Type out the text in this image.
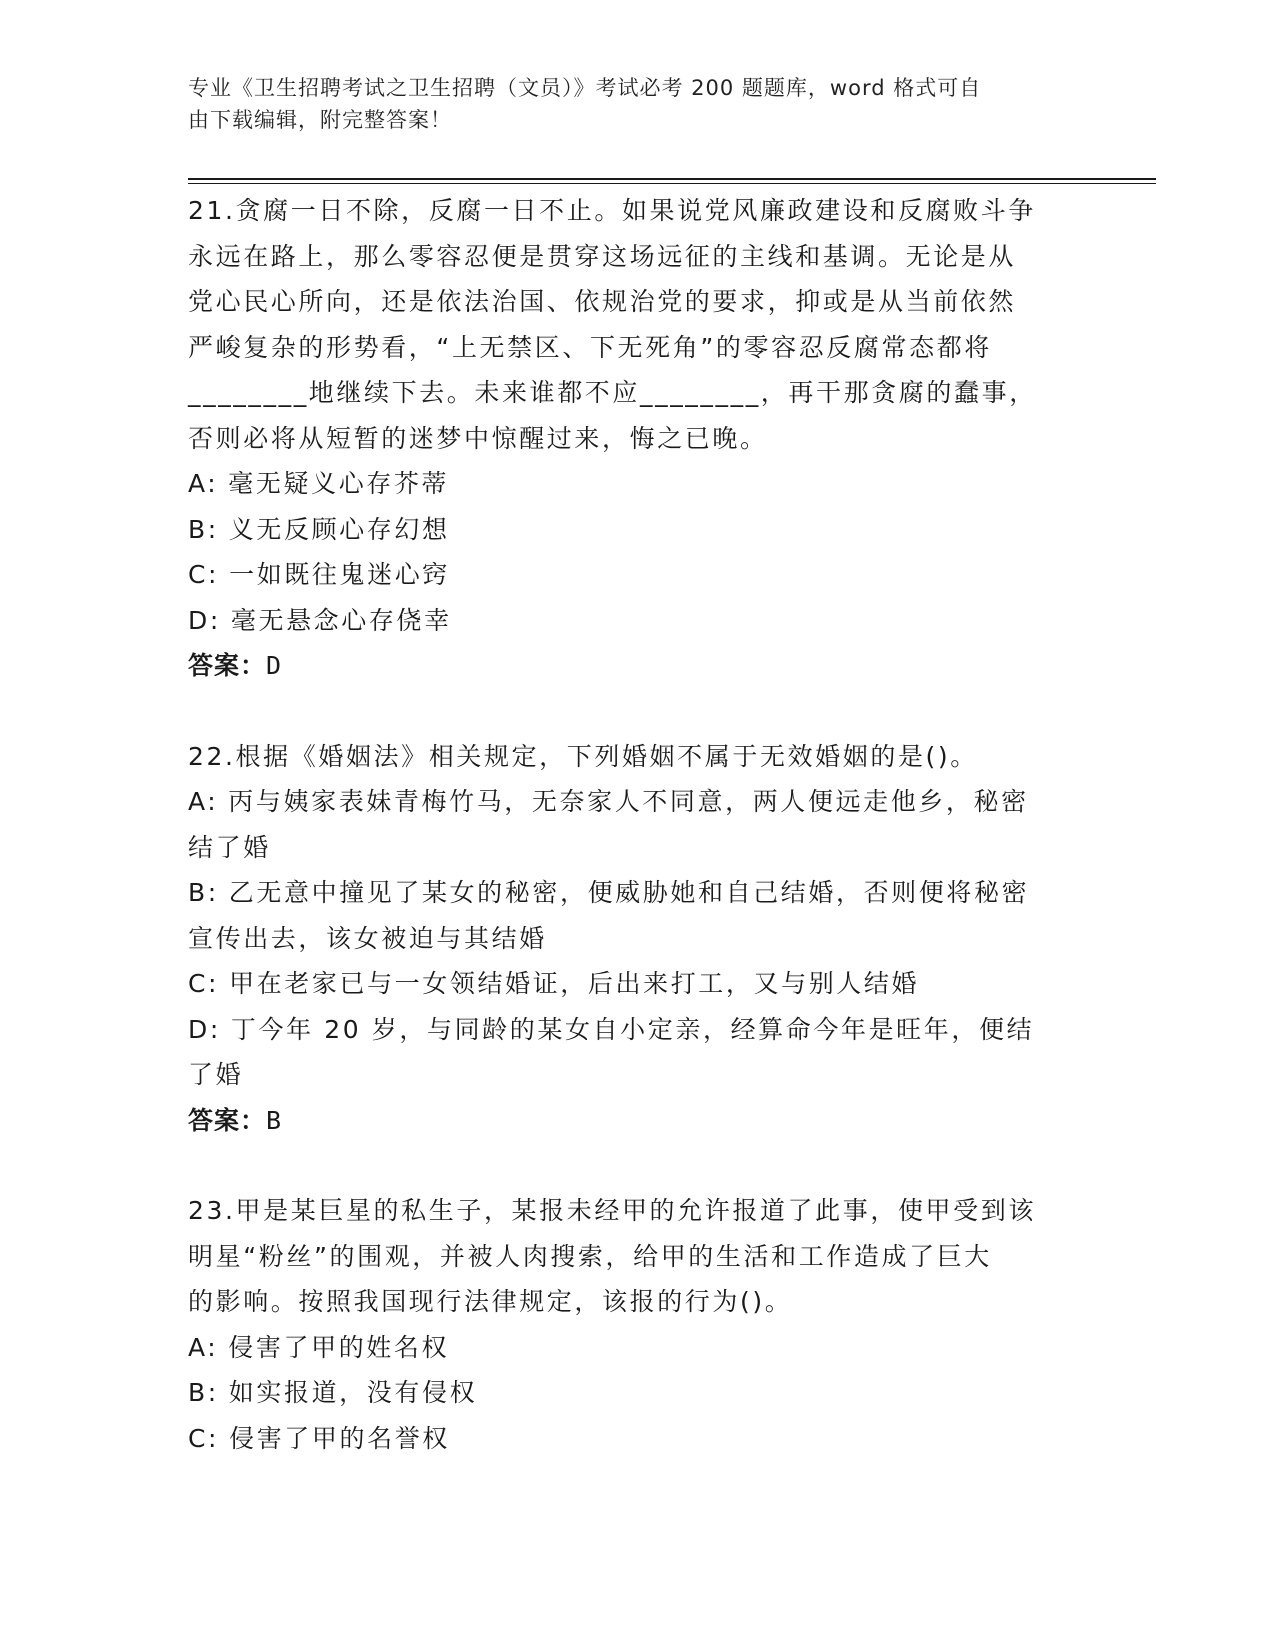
专业《卫生招聘考试之卫生招聘（文员）》考试必考 200 题题库，word 格式可自
由下载编辑，附完整答案！

21.贪腐一日不除，反腐一日不止。如果说党风廉政建设和反腐败斗争

永远在路上，那么零容忍便是贯穿这场远征的主线和基调。无论是从

党心民心所向，还是依法治国、依规治党的要求，抑或是从当前依然

严峻复杂的形势看，“上无禁区、下无死角”的零容忍反腐常态都将

________地继续下去。未来谁都不应________，再干那贪腐的蠢事，

否则必将从短暂的迷梦中惊醒过来，悔之已晚。

A: 毫无疑义心存芥蒂

B: 义无反顾心存幻想

C: 一如既往鬼迷心窍

D: 毫无悬念心存侥幸

答案：D

22.根据《婚姻法》相关规定，下列婚姻不属于无效婚姻的是()。

A: 丙与姨家表妹青梅竹马，无奈家人不同意，两人便远走他乡，秘密

结了婚

B: 乙无意中撞见了某女的秘密，便威胁她和自己结婚，否则便将秘密

宣传出去，该女被迫与其结婚

C: 甲在老家已与一女领结婚证，后出来打工，又与别人结婚

D: 丁今年 20 岁，与同龄的某女自小定亲，经算命今年是旺年，便结

了婚

答案：B

23.甲是某巨星的私生子，某报未经甲的允许报道了此事，使甲受到该

明星“粉丝”的围观，并被人肉搜索，给甲的生活和工作造成了巨大

的影响。按照我国现行法律规定，该报的行为()。

A: 侵害了甲的姓名权

B: 如实报道，没有侵权

C: 侵害了甲的名誉权
